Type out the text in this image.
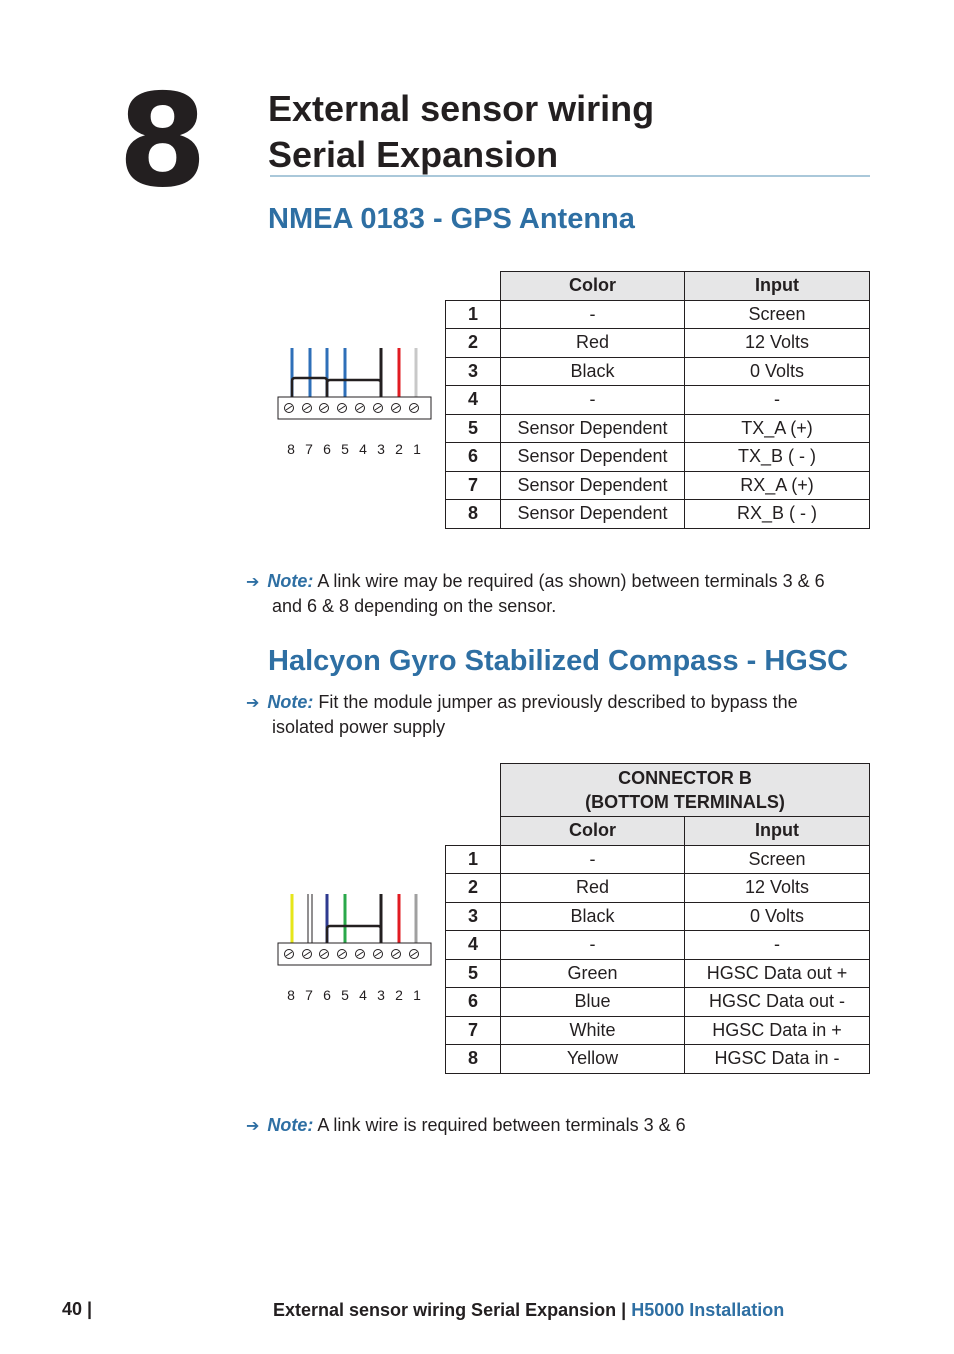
8 External sensor wiring
Serial Expansion
NMEA 0183 - GPS Antenna
8 7 6 5 4 3 2 1
	Color	Input
1	-	Screen
2	Red	12 Volts
3	Black	0 Volts
4	-	-
5	Sensor Dependent	TX_A (+)
6	Sensor Dependent	TX_B ( - )
7	Sensor Dependent	RX_A (+)
8	Sensor Dependent	RX_B ( - )
➔ Note: A link wire may be required (as shown) between terminals 3 & 6
and 6 & 8 depending on the sensor.
Halcyon Gyro Stabilized Compass - HGSC
➔ Note: Fit the module jumper as previously described to bypass the
isolated power supply
8 7 6 5 4 3 2 1

	CONNECTOR B
(BOTTOM TERMINALS)	

	Color	Input
1	-	Screen
2	Red	12 Volts
3	Black	0 Volts
4	-	-
5	Green	HGSC Data out +
6	Blue	HGSC Data out -
7	White	HGSC Data in +
8	Yellow	HGSC Data in -
➔ Note: A link wire is required between terminals 3 & 6
40 |	External sensor wiring Serial Expansion | H5000 Installation
